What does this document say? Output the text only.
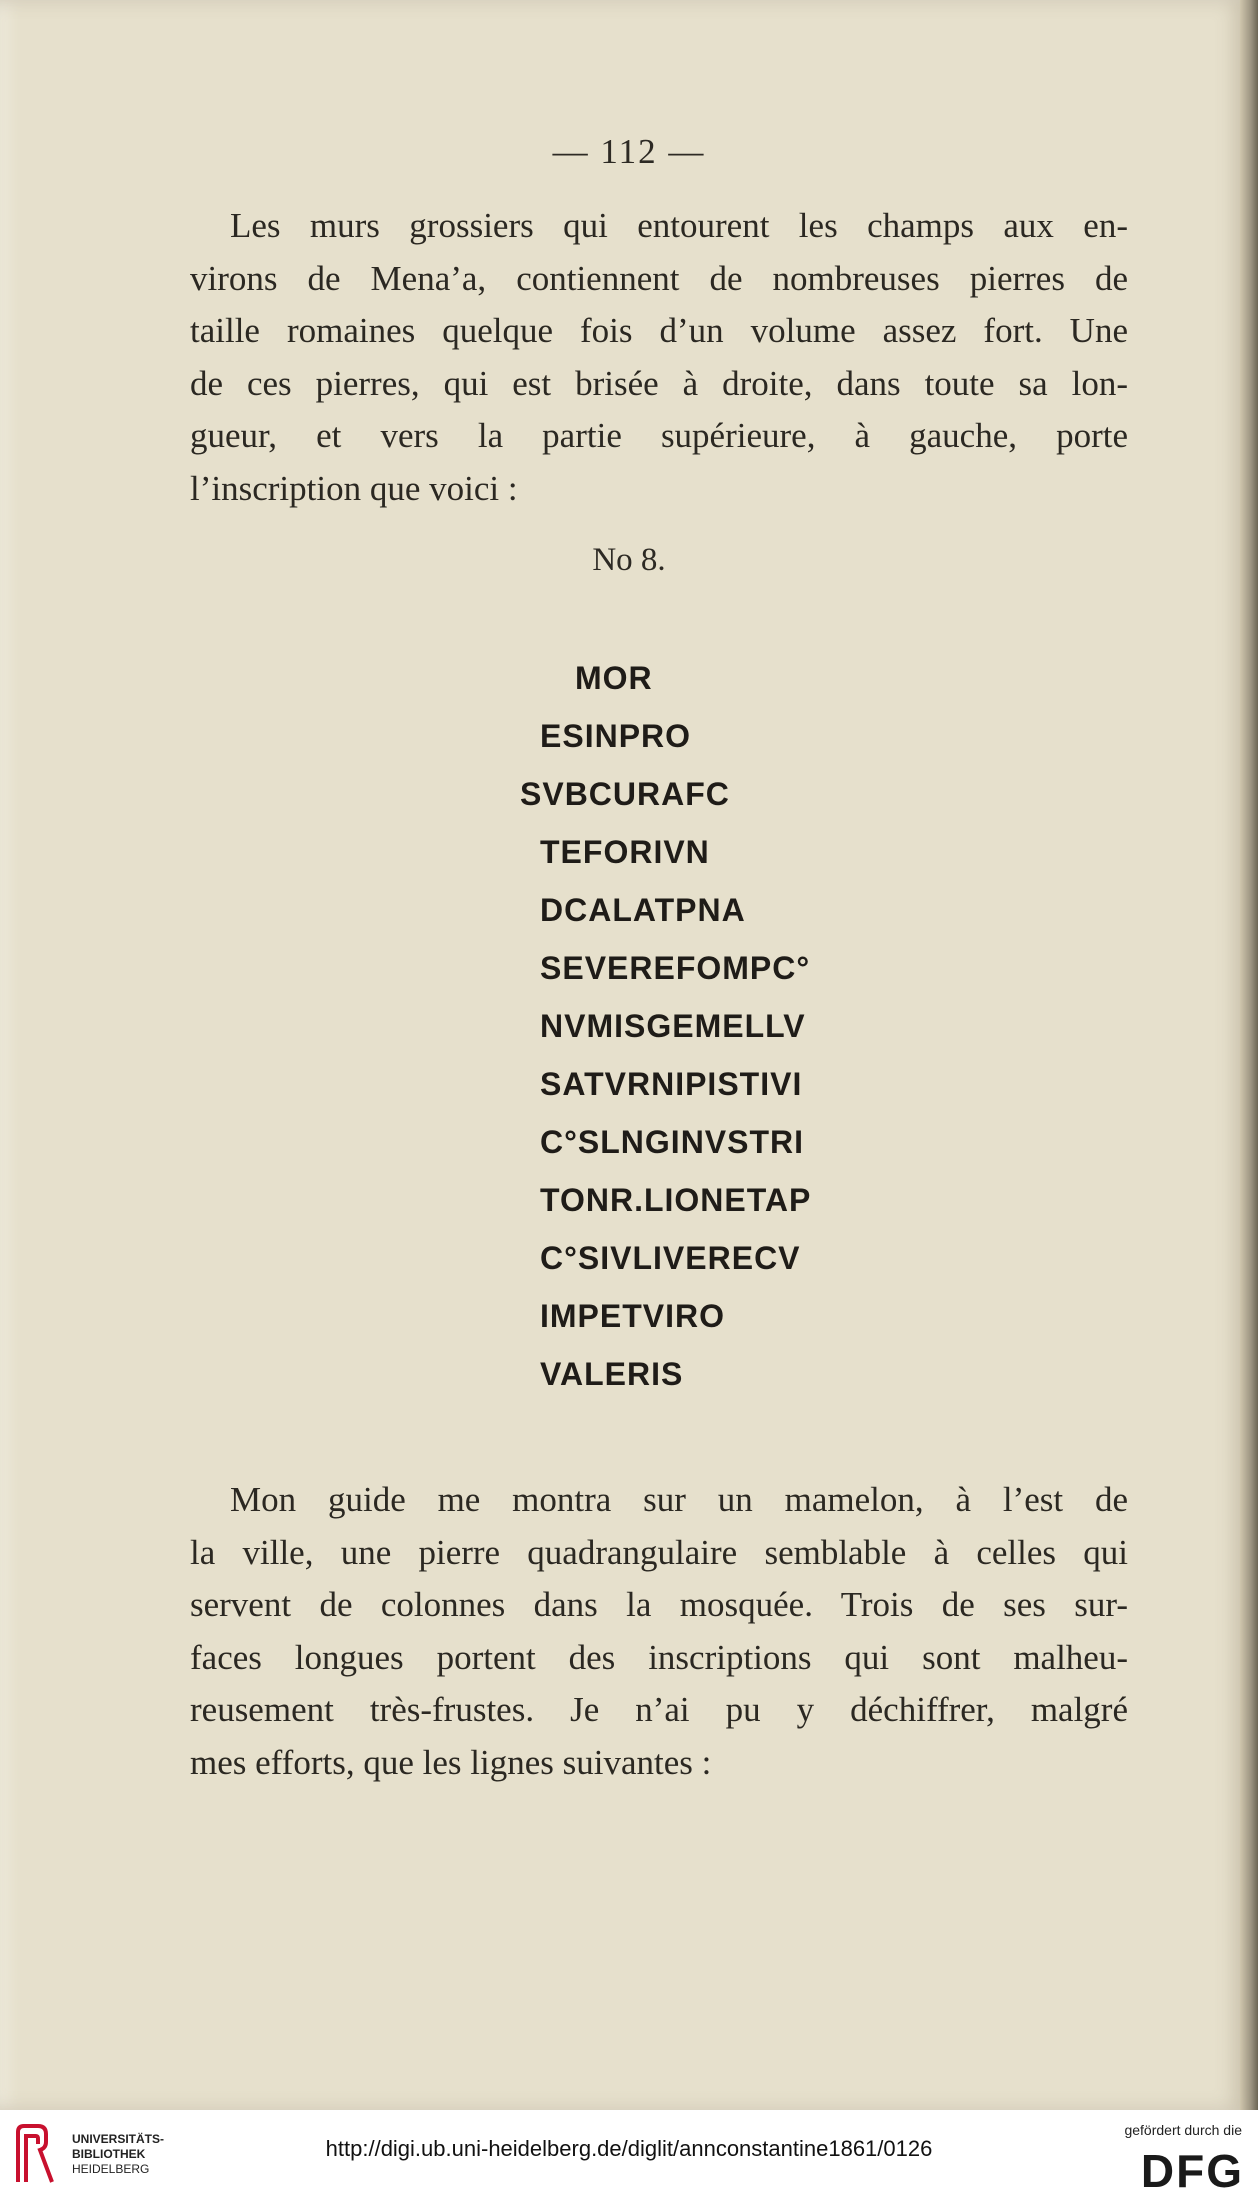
— 112 —

Les murs grossiers qui entourent les champs aux en-
virons de Mena’a, contiennent de nombreuses pierres de
taille romaines quelque fois d’un volume assez fort. Une
de ces pierres, qui est brisée à droite, dans toute sa lon-
gueur, et vers la partie supérieure, à gauche, porte
l’inscription que voici :

No 8.
MOR
ESINPRO
SVBCURAFC
TEFORIVN
DCALATPNA
SEVEREFOMPC°
NVMISGEMELLV
SATVRNIPISTIVI
C°SLNGINVSTRI
TONR.LIONETAP
C°SIVLIVERECV
IMPETVIRO
VALERIS

Mon guide me montra sur un mamelon, à l’est de
la ville, une pierre quadrangulaire semblable à celles qui
servent de colonnes dans la mosquée. Trois de ses sur-
faces longues portent des inscriptions qui sont malheu-
reusement très-frustes. Je n’ai pu y déchiffrer, malgré
mes efforts, que les lignes suivantes :

UNIVERSITÄTS-
BIBLIOTHEK
HEIDELBERG
http://digi.ub.uni-heidelberg.de/diglit/annconstantine1861/0126
gefördert durch die
DFG
